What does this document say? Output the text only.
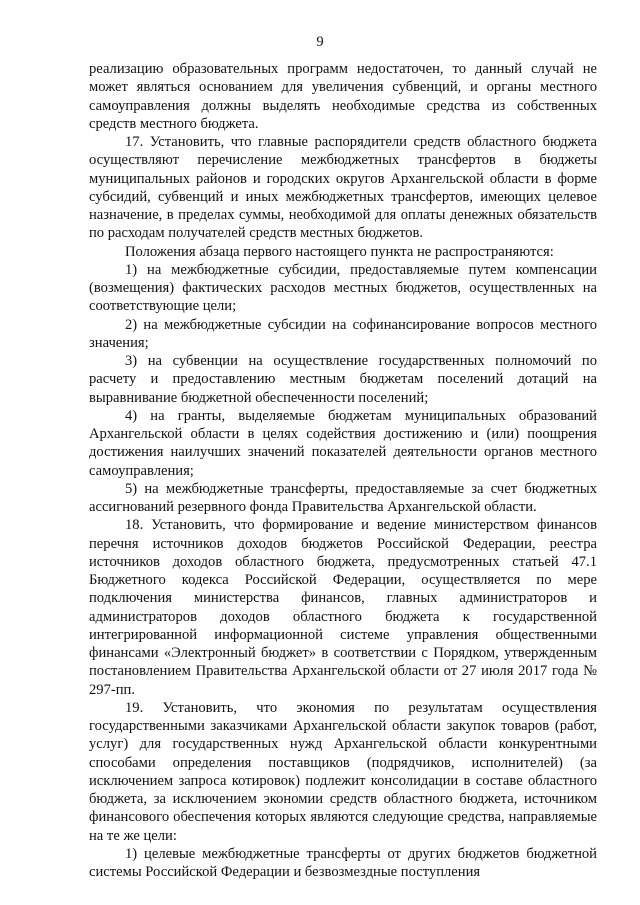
9

реализацию образовательных программ недостаточен, то данный случай не может являться основанием для увеличения субвенций, и органы местного самоуправления должны выделять необходимые средства из собственных средств местного бюджета.

17. Установить, что главные распорядители средств областного бюджета осуществляют перечисление межбюджетных трансфертов в бюджеты муниципальных районов и городских округов Архангельской области в форме субсидий, субвенций и иных межбюджетных трансфертов, имеющих целевое назначение, в пределах суммы, необходимой для оплаты денежных обязательств по расходам получателей средств местных бюджетов.

Положения абзаца первого настоящего пункта не распространяются:

1) на межбюджетные субсидии, предоставляемые путем компенсации (возмещения) фактических расходов местных бюджетов, осуществленных на соответствующие цели;

2) на межбюджетные субсидии на софинансирование вопросов местного значения;

3) на субвенции на осуществление государственных полномочий по расчету и предоставлению местным бюджетам поселений дотаций на выравнивание бюджетной обеспеченности поселений;

4) на гранты, выделяемые бюджетам муниципальных образований Архангельской области в целях содействия достижению и (или) поощрения достижения наилучших значений показателей деятельности органов местного самоуправления;

5) на межбюджетные трансферты, предоставляемые за счет бюджетных ассигнований резервного фонда Правительства Архангельской области.

18. Установить, что формирование и ведение министерством финансов перечня источников доходов бюджетов Российской Федерации, реестра источников доходов областного бюджета, предусмотренных статьей 47.1 Бюджетного кодекса Российской Федерации, осуществляется по мере подключения министерства финансов, главных администраторов и администраторов доходов областного бюджета к государственной интегрированной информационной системе управления общественными финансами «Электронный бюджет» в соответствии с Порядком, утвержденным постановлением Правительства Архангельской области от 27 июля 2017 года № 297-пп.

19. Установить, что экономия по результатам осуществления государственными заказчиками Архангельской области закупок товаров (работ, услуг) для государственных нужд Архангельской области конкурентными способами определения поставщиков (подрядчиков, исполнителей) (за исключением запроса котировок) подлежит консолидации в составе областного бюджета, за исключением экономии средств областного бюджета, источником финансового обеспечения которых являются следующие средства, направляемые на те же цели:

1) целевые межбюджетные трансферты от других бюджетов бюджетной системы Российской Федерации и безвозмездные поступления
